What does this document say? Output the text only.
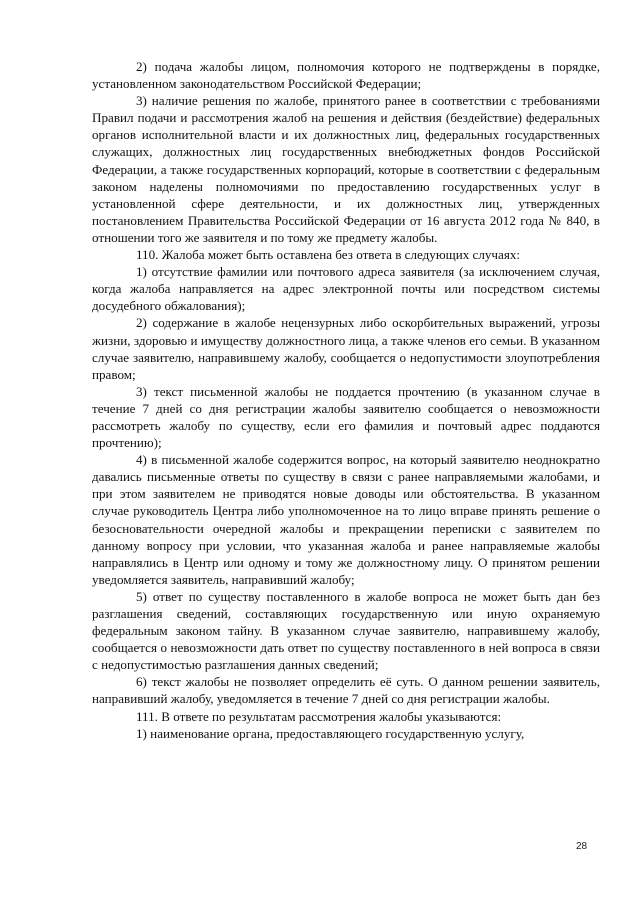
2) подача жалобы лицом, полномочия которого не подтверждены в порядке, установленном законодательством Российской Федерации;

3) наличие решения по жалобе, принятого ранее в соответствии с требованиями Правил подачи и рассмотрения жалоб на решения и действия (бездействие) федеральных органов исполнительной власти и их должностных лиц, федеральных государственных служащих, должностных лиц государственных внебюджетных фондов Российской Федерации, а также государственных корпораций, которые в соответствии с федеральным законом наделены полномочиями по предоставлению государственных услуг в установленной сфере деятельности, и их должностных лиц, утвержденных постановлением Правительства Российской Федерации от 16 августа 2012 года № 840, в отношении того же заявителя и по тому же предмету жалобы.

110. Жалоба может быть оставлена без ответа в следующих случаях:

1) отсутствие фамилии или почтового адреса заявителя (за исключением случая, когда жалоба направляется на адрес электронной почты или посредством системы досудебного обжалования);

2) содержание в жалобе нецензурных либо оскорбительных выражений, угрозы жизни, здоровью и имуществу должностного лица, а также членов его семьи. В указанном случае заявителю, направившему жалобу, сообщается о недопустимости злоупотребления правом;

3) текст письменной жалобы не поддается прочтению (в указанном случае в течение 7 дней со дня регистрации жалобы заявителю сообщается о невозможности рассмотреть жалобу по существу, если его фамилия и почтовый адрес поддаются прочтению);

4) в письменной жалобе содержится вопрос, на который заявителю неоднократно давались письменные ответы по существу в связи с ранее направляемыми жалобами, и при этом заявителем не приводятся новые доводы или обстоятельства. В указанном случае руководитель Центра либо уполномоченное на то лицо вправе принять решение о безосновательности очередной жалобы и прекращении переписки с заявителем по данному вопросу при условии, что указанная жалоба и ранее направляемые жалобы направлялись в Центр или одному и тому же должностному лицу. О принятом решении уведомляется заявитель, направивший жалобу;

5) ответ по существу поставленного в жалобе вопроса не может быть дан без разглашения сведений, составляющих государственную или иную охраняемую федеральным законом тайну. В указанном случае заявителю, направившему жалобу, сообщается о невозможности дать ответ по существу поставленного в ней вопроса в связи с недопустимостью разглашения данных сведений;

6) текст жалобы не позволяет определить её суть. О данном решении заявитель, направивший жалобу, уведомляется в течение 7 дней со дня регистрации жалобы.

111. В ответе по результатам рассмотрения жалобы указываются:

1) наименование органа, предоставляющего государственную услугу,

28
